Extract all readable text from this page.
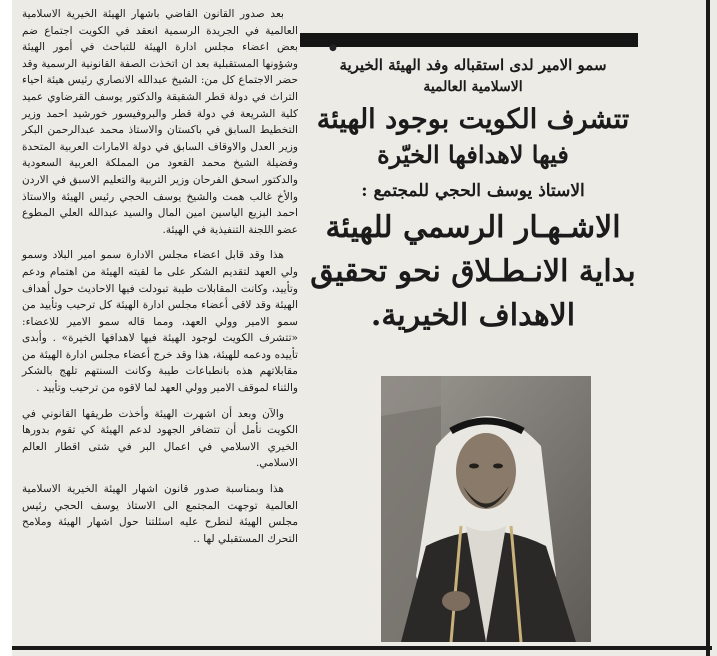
بعد صدور القانون القاضي باشهار الهيئة الخيرية الاسلامية العالمية في الجريدة الرسمية انعقد في الكويت اجتماع ضم بعض اعضاء مجلس ادارة الهيئة للتباحث في أمور الهيئة وشؤونها المستقبلية بعد ان اتخذت الصفة القانونية الرسمية وقد حضر الاجتماع كل من: الشيخ عبدالله الانصاري رئيس هيئة احياء التراث في دولة قطر الشقيقة والدكتور يوسف القرضاوي عميد كلية الشريعة في دولة قطر والبروفيسور خورشيد احمد وزير التخطيط السابق في باكستان والاستاذ محمد عبدالرحمن البكر وزير العدل والاوقاف السابق في دولة الامارات العربية المتحدة وفضيلة الشيخ محمد القعود من المملكة العربية السعودية والدكتور اسحق الفرحان وزير التربية والتعليم الاسبق في الاردن والأخ غالب همت والشيخ يوسف الحجي رئيس الهيئة والاستاذ احمد البزيع الياسين امين المال والسيد عبدالله العلي المطوع عضو اللجنة التنفيذية في الهيئة.

هذا وقد قابل اعضاء مجلس الادارة سمو امير البلاد وسمو ولي العهد لتقديم الشكر على ما لقيته الهيئة من اهتمام ودعم وتأييد، وكانت المقابلات طيبة تبودلت فيها الاحاديث حول أهداف الهيئة وقد لاقى أعضاء مجلس ادارة الهيئة كل ترحيب وتأييد من سمو الامير وولي العهد، ومما قاله سمو الامير للاعضاء: «تتشرف الكويت لوجود الهيئة فيها لاهدافها الخيرة» . وأبدى تأييده ودعمه للهيئة، هذا وقد خرج أعضاء مجلس ادارة الهيئة من مقابلاتهم هذه بانطباعات طيبة وكانت السنتهم تلهج بالشكر والثناء لموقف الامير وولي العهد لما لاقوه من ترحيب وتأييد .

والآن وبعد أن اشهرت الهيئة وأخذت طريقها القانوني في الكويت نأمل أن تتضافر الجهود لدعم الهيئة كي تقوم بدورها الخيري الاسلامي في اعمال البر في شتى اقطار العالم الاسلامي.

هذا وبمناسبة صدور قانون اشهار الهيئة الخيرية الاسلامية العالمية توجهت المجتمع الى الاستاذ يوسف الحجي رئيس مجلس الهيئة لنطرح عليه اسئلتنا حول اشهار الهيئة وملامح التحرك المستقبلي لها ..

●

سمو الامير لدى استقباله وفد الهيئة الخيرية

الاسلامية العالمية

تتشرف الكويت بوجود الهيئة

فيها لاهدافها الخيّرة

الاستاذ يوسف الحجي للمجتمع :

الاشـهـار الرسمي للهيئة

بداية الانـطـلاق نحو تحقيق

الاهداف الخيرية.
